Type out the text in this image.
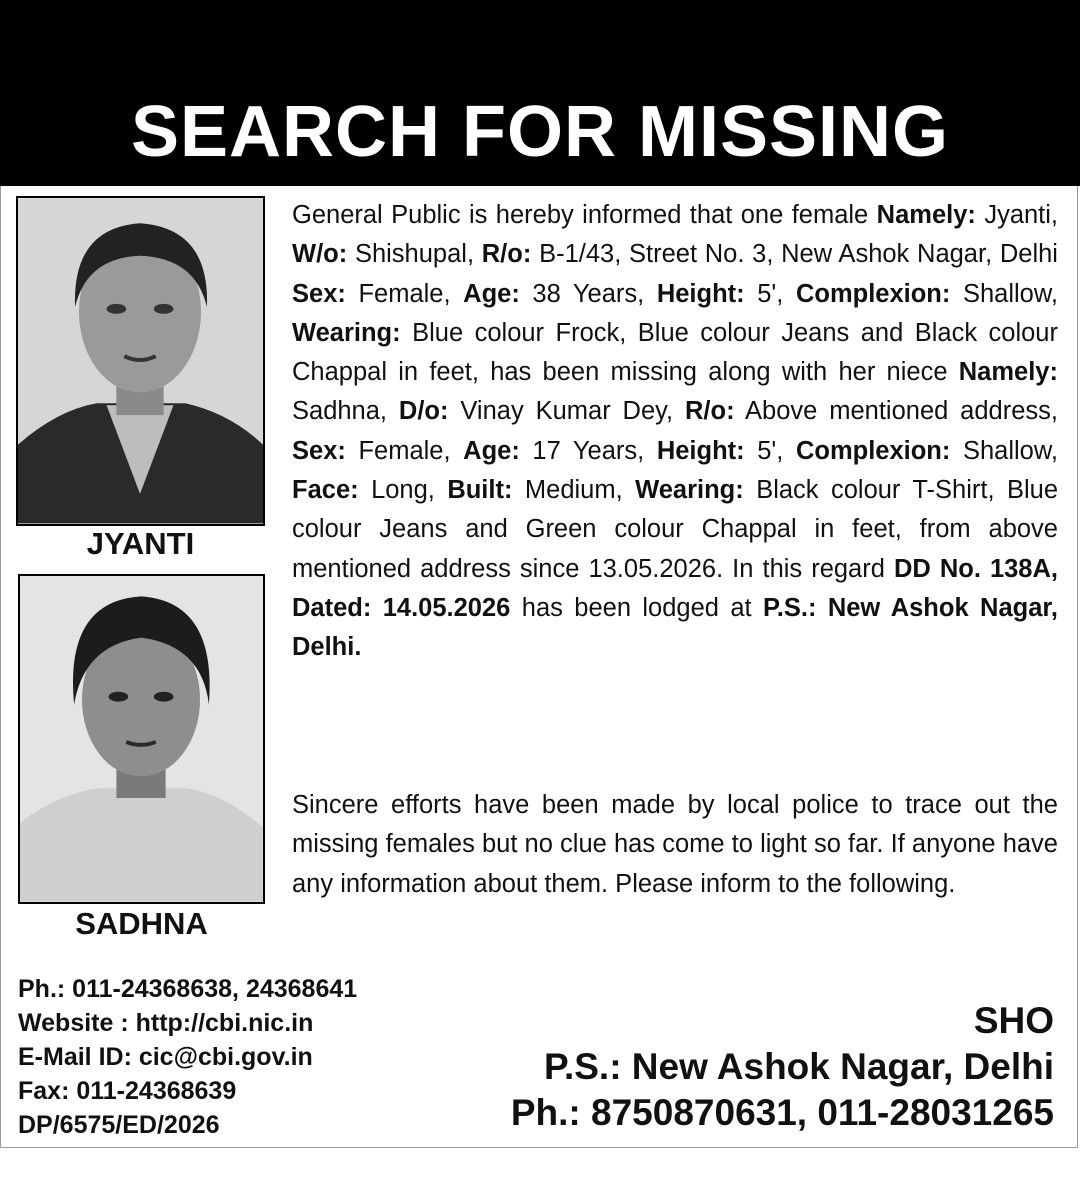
SEARCH FOR MISSING
JYANTI
SADHNA
General Public is hereby informed that one female Namely: Jyanti, W/o: Shishupal, R/o: B-1/43, Street No. 3, New Ashok Nagar, Delhi Sex: Female, Age: 38 Years, Height: 5', Complexion: Shallow, Wearing: Blue colour Frock, Blue colour Jeans and Black colour Chappal in feet, has been missing along with her niece Namely: Sadhna, D/o: Vinay Kumar Dey, R/o: Above mentioned address, Sex: Female, Age: 17 Years, Height: 5', Complexion: Shallow, Face: Long, Built: Medium, Wearing: Black colour T-Shirt, Blue colour Jeans and Green colour Chappal in feet, from above mentioned address since 13.05.2026. In this regard DD No. 138A, Dated: 14.05.2026 has been lodged at P.S.: New Ashok Nagar, Delhi.
Sincere efforts have been made by local police to trace out the missing females but no clue has come to light so far. If anyone have any information about them. Please inform to the following.
Ph.: 011-24368638, 24368641
Website : http://cbi.nic.in
E-Mail ID: cic@cbi.gov.in
Fax: 011-24368639
DP/6575/ED/2026
SHO
P.S.: New Ashok Nagar, Delhi
Ph.: 8750870631, 011-28031265
